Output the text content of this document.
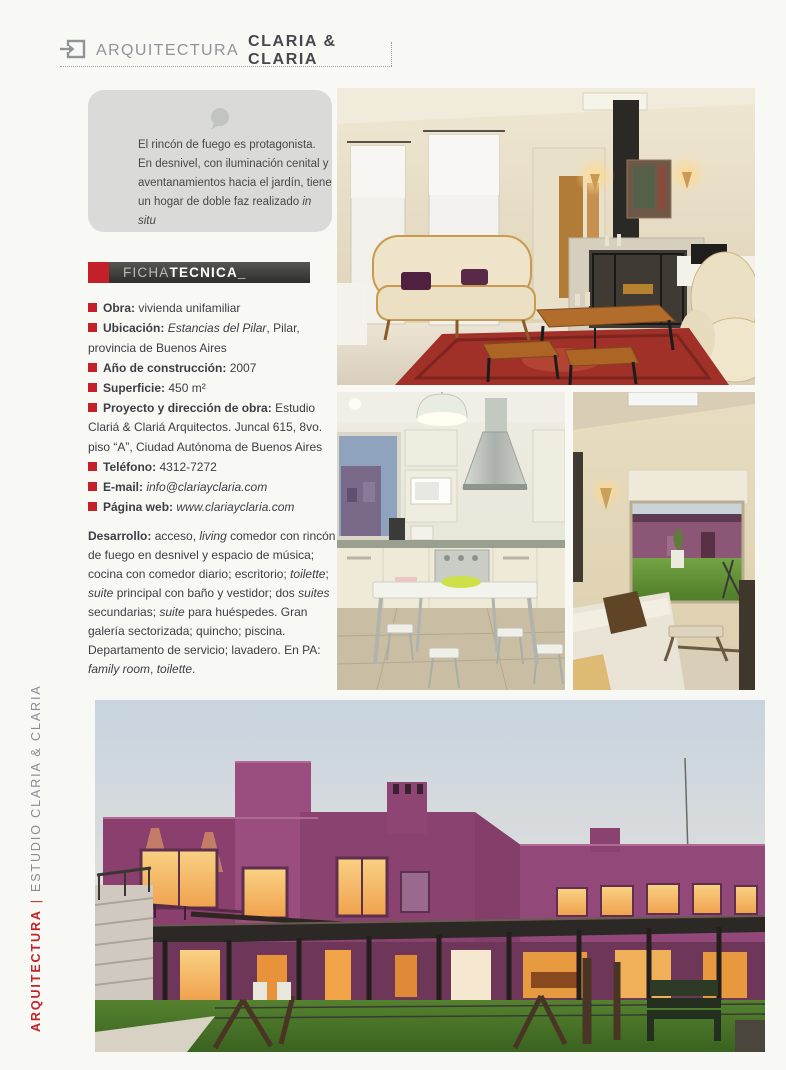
ARQUITECTURA
CLARIA & CLARIA
El rincón de fuego es protagonista. En desnivel, con iluminación cenital y aventanamientos hacia el jardín, tiene un hogar de doble faz realizado in situ
FICHATECNICA_
Obra: vivienda unifamiliar
Ubicación: Estancias del Pilar, Pilar, provincia de Buenos Aires
Año de construcción: 2007
Superficie: 450 m²
Proyecto y dirección de obra: Estudio Clariá & Clariá Arquitectos. Juncal 615, 8vo. piso “A”, Ciudad Autónoma de Buenos Aires
Teléfono: 4312-7272
E-mail: info@clariayclaria.com
Página web: www.clariayclaria.com
Desarrollo: acceso, living comedor con rincón de fuego en desnivel y espacio de música; cocina con comedor diario; escritorio; toilette; suite principal con baño y vestidor; dos suites secundarias; suite para huéspedes. Gran galería sectorizada; quincho; piscina. Departamento de servicio; lavadero. En PA: family room, toilette.
ARQUITECTURA|ESTUDIO CLARIA & CLARIA
